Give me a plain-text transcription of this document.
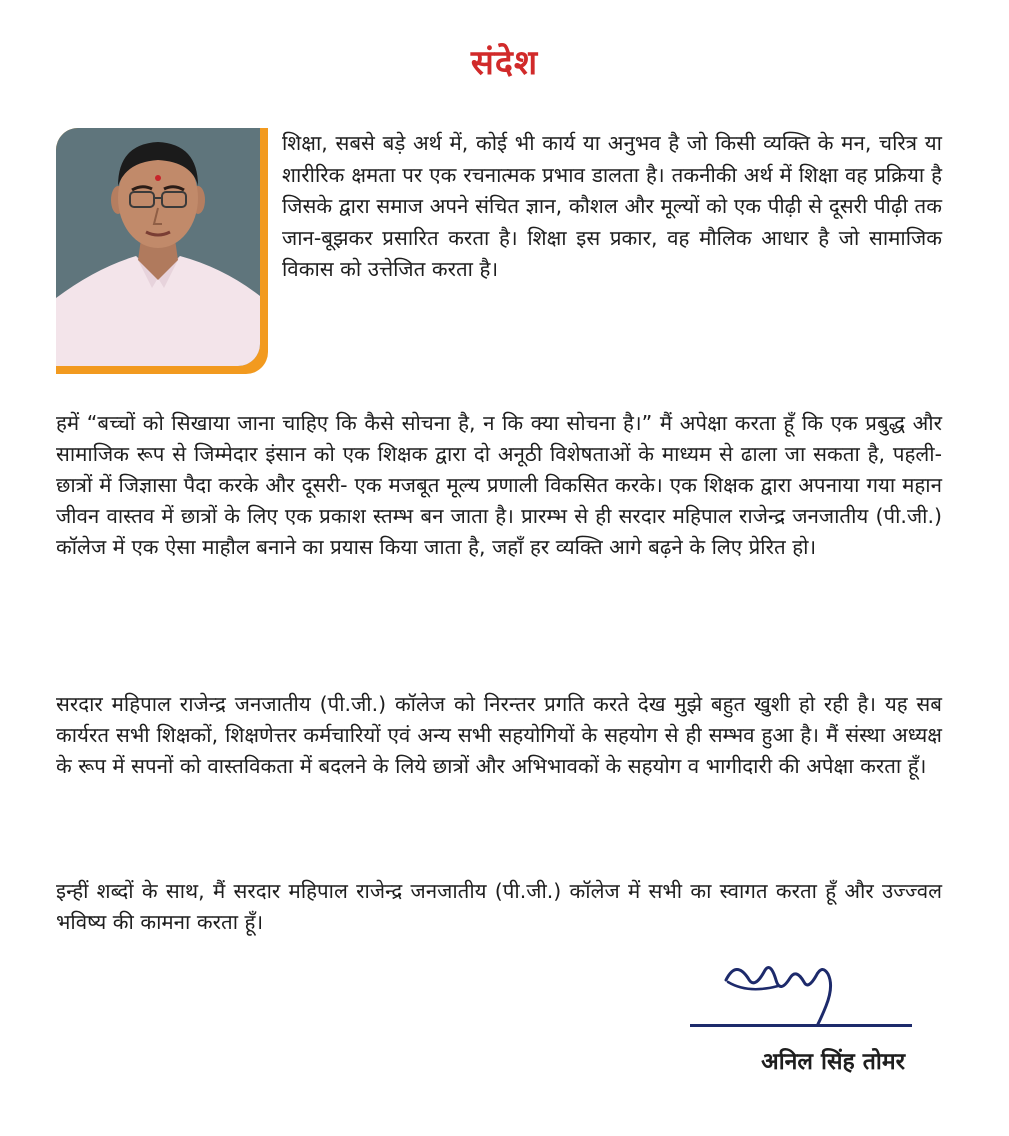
संदेश

शिक्षा, सबसे बड़े अर्थ में, कोई भी कार्य या अनुभव है जो किसी व्यक्ति के मन, चरित्र या शारीरिक क्षमता पर एक रचनात्मक प्रभाव डालता है। तकनीकी अर्थ में शिक्षा वह प्रक्रिया है जिसके द्वारा समाज अपने संचित ज्ञान, कौशल और मूल्यों को एक पीढ़ी से दूसरी पीढ़ी तक जान-बूझकर प्रसारित करता है। शिक्षा इस प्रकार, वह मौलिक आधार है जो सामाजिक विकास को उत्तेजित करता है।

हमें “बच्चों को सिखाया जाना चाहिए कि कैसे सोचना है, न कि क्या सोचना है।” मैं अपेक्षा करता हूँ कि एक प्रबुद्ध और सामाजिक रूप से जिम्मेदार इंसान को एक शिक्षक द्वारा दो अनूठी विशेषताओं के माध्यम से ढाला जा सकता है, पहली- छात्रों में जिज्ञासा पैदा करके और दूसरी- एक मजबूत मूल्य प्रणाली विकसित करके। एक शिक्षक द्वारा अपनाया गया महान जीवन वास्तव में छात्रों के लिए एक प्रकाश स्तम्भ बन जाता है। प्रारम्भ से ही सरदार महिपाल राजेन्द्र जनजातीय (पी.जी.) कॉलेज में एक ऐसा माहौल बनाने का प्रयास किया जाता है, जहाँ हर व्यक्ति आगे बढ़ने के लिए प्रेरित हो।

सरदार महिपाल राजेन्द्र जनजातीय (पी.जी.) कॉलेज को निरन्तर प्रगति करते देख मुझे बहुत खुशी हो रही है। यह सब कार्यरत सभी शिक्षकों, शिक्षणेत्तर कर्मचारियों एवं अन्य सभी सहयोगियों के सहयोग से ही सम्भव हुआ है। मैं संस्था अध्यक्ष के रूप में सपनों को वास्तविकता में बदलने के लिये छात्रों और अभिभावकों के सहयोग व भागीदारी की अपेक्षा करता हूँ।

इन्हीं शब्दों के साथ, मैं सरदार महिपाल राजेन्द्र जनजातीय (पी.जी.) कॉलेज में सभी का स्वागत करता हूँ और उज्ज्वल भविष्य की कामना करता हूँ।

अनिल सिंह तोमर
